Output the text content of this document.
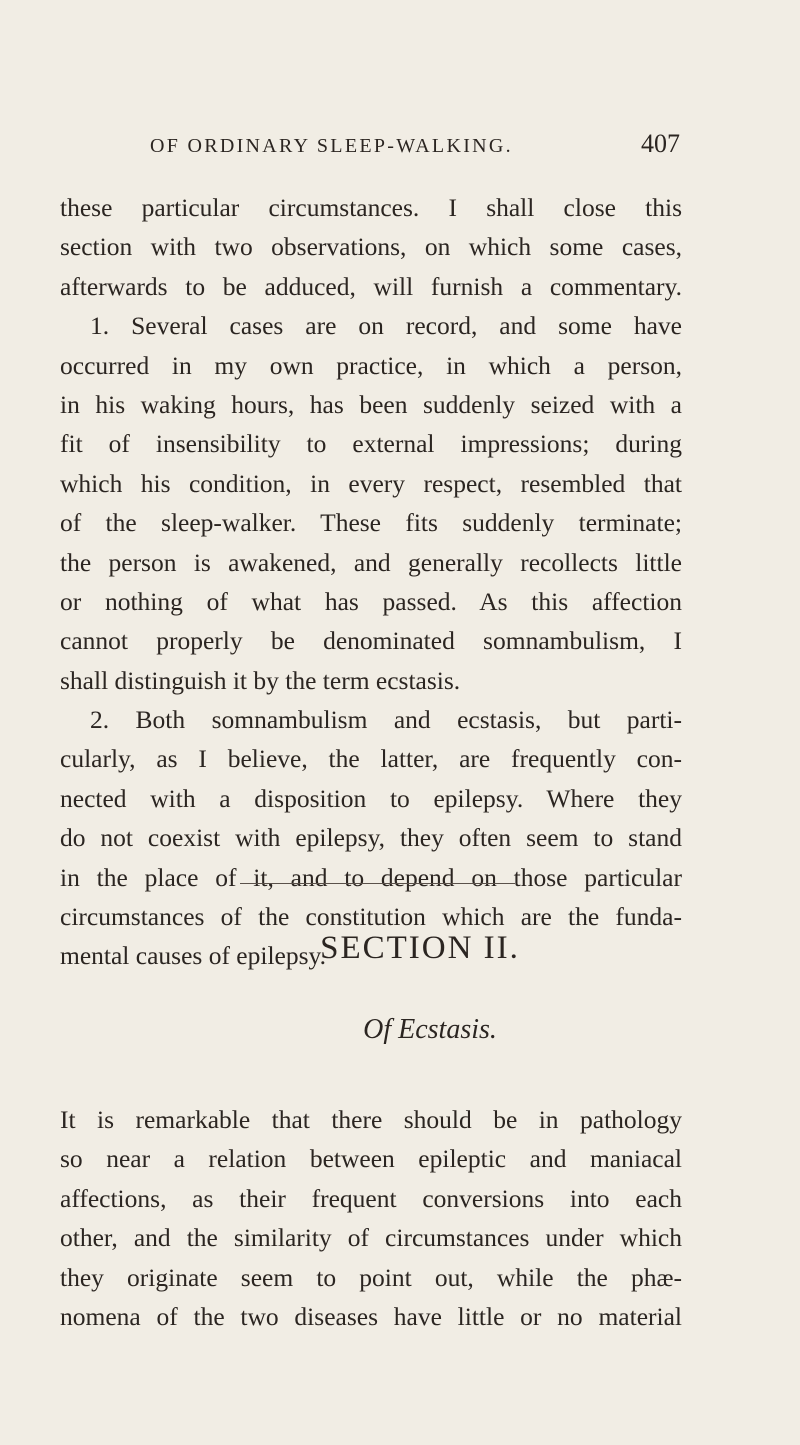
OF ORDINARY SLEEP-WALKING.	407
these particular circumstances. I shall close this
section with two observations, on which some cases,
afterwards to be adduced, will furnish a commentary.
1. Several cases are on record, and some have
occurred in my own practice, in which a person,
in his waking hours, has been suddenly seized with a
fit of insensibility to external impressions; during
which his condition, in every respect, resembled that
of the sleep-walker. These fits suddenly terminate;
the person is awakened, and generally recollects little
or nothing of what has passed. As this affection
cannot properly be denominated somnambulism, I
shall distinguish it by the term ecstasis.
2. Both somnambulism and ecstasis, but parti-
cularly, as I believe, the latter, are frequently con-
nected with a disposition to epilepsy. Where they
do not coexist with epilepsy, they often seem to stand
in the place of it, and to depend on those particular
circumstances of the constitution which are the funda-
mental causes of epilepsy.
SECTION II.
Of Ecstasis.
It is remarkable that there should be in pathology
so near a relation between epileptic and maniacal
affections, as their frequent conversions into each
other, and the similarity of circumstances under which
they originate seem to point out, while the phæ-
nomena of the two diseases have little or no material
